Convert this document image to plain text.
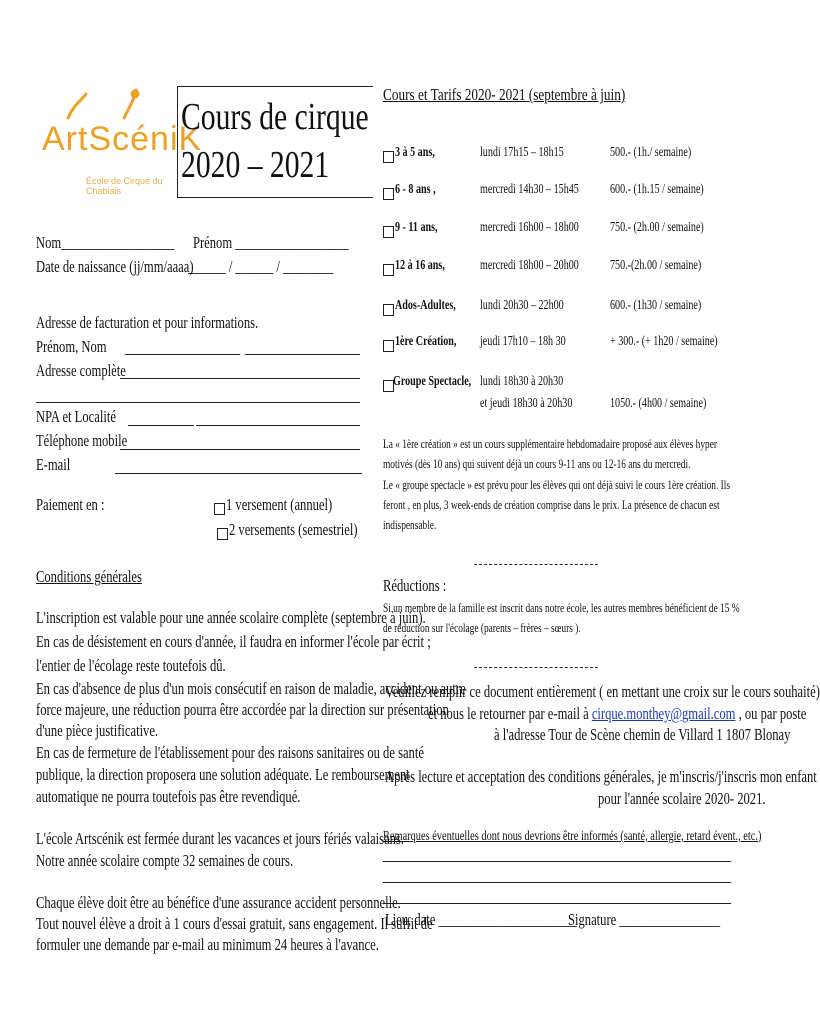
ArtScéniK
École de Cirque du Chablais
Cours de cirque
2020 – 2021
Nom__________________ Prénom __________________
Date de naissance (jj/mm/aaaa)
______ / ______ / ________
Adresse de facturation et pour informations.
Prénom, Nom
Adresse complète
NPA et Localité
Téléphone mobile
E-mail
Paiement en :	1 versement (annuel)
2 versements (semestriel)
Conditions générales
L'inscription est valable pour une année scolaire complète (septembre à juin).
En cas de désistement en cours d'année, il faudra en informer l'école par écrit ;
l'entier de l'écolage reste toutefois dû.
En cas d'absence de plus d'un mois consécutif en raison de maladie, accident ou autre
force majeure, une réduction pourra être accordée par la direction sur présentation
d'une pièce justificative.
En cas de fermeture de l'établissement pour des raisons sanitaires ou de santé
publique, la direction proposera une solution adéquate. Le remboursement
automatique ne pourra toutefois pas être revendiqué.
L'école Artscénik est fermée durant les vacances et jours fériés valaisans.
Notre année scolaire compte 32 semaines de cours.
Chaque élève doit être au bénéfice d'une assurance accident personnelle.
Tout nouvel élève a droit à 1 cours d'essai gratuit, sans engagement. Il suffit de
formuler une demande par e-mail au minimum 24 heures à l'avance.
Cours et Tarifs 2020- 2021 (septembre à juin)
3 à 5 ans,	lundi 17h15 – 18h15	500.- (1h./ semaine)
6 - 8 ans ,	mercredi 14h30 – 15h45 600.- (1h.15 / semaine)
9 - 11 ans,	mercredi 16h00 – 18h00 750.- (2h.00 / semaine)
12 à 16 ans,	mercredi 18h00 – 20h00 750.-(2h.00 / semaine)
Ados-Adultes, lundi 20h30 – 22h00	600.- (1h30 / semaine)
1ère Création, jeudi 17h10 – 18h 30	+ 300.- (+ 1h20 / semaine)
Groupe Spectacle, lundi 18h30 à 20h30
et jeudi 18h30 à 20h30	1050.- (4h00 / semaine)
La « 1ère création » est un cours supplémentaire hebdomadaire proposé aux élèves hyper
motivés (dès 10 ans) qui suivent déjà un cours 9-11 ans ou 12-16 ans du mercredi.
Le « groupe spectacle » est prévu pour les élèves qui ont déjà suivi le cours 1ère création. Ils
feront , en plus, 3 week-ends de création comprise dans le prix. La présence de chacun est
indispensable.
Réductions :
Si un membre de la famille est inscrit dans notre école, les autres membres bénéficient de 15 %
de réduction sur l'écolage (parents – frères – sœurs ).
Veuillez remplir ce document entièrement ( en mettant une croix sur le cours souhaité)
et nous le retourner par e-mail à cirque.monthey@gmail.com , ou par poste
à l'adresse Tour de Scène chemin de Villard 1 1807 Blonay
Après lecture et acceptation des conditions générales, je m'inscris/j'inscris mon enfant
pour l'année scolaire 2020- 2021.
Remarques éventuelles dont nous devrions être informés (santé, allergie, retard évent., etc.)
Lieu, date ______________________
Signature ________________
